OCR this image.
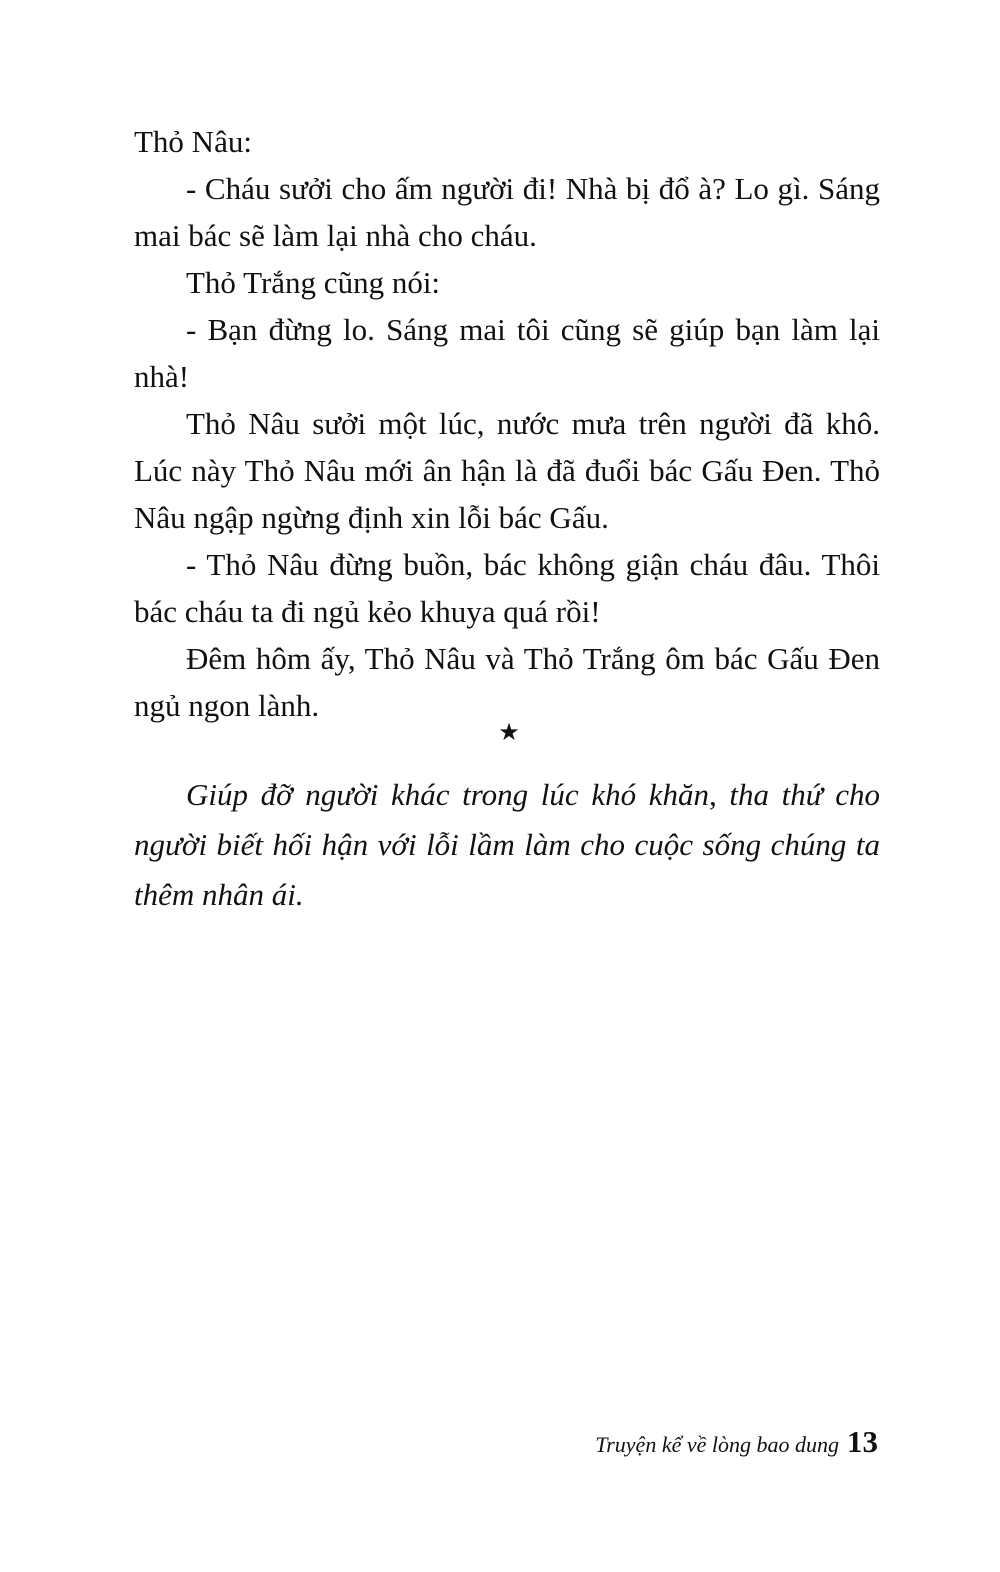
Thỏ Nâu:

- Cháu sưởi cho ấm người đi! Nhà bị đổ à? Lo gì. Sáng mai bác sẽ làm lại nhà cho cháu.

Thỏ Trắng cũng nói:

- Bạn đừng lo. Sáng mai tôi cũng sẽ giúp bạn làm lại nhà!

Thỏ Nâu sưởi một lúc, nước mưa trên người đã khô. Lúc này Thỏ Nâu mới ân hận là đã đuổi bác Gấu Đen. Thỏ Nâu ngập ngừng định xin lỗi bác Gấu.

- Thỏ Nâu đừng buồn, bác không giận cháu đâu. Thôi bác cháu ta đi ngủ kẻo khuya quá rồi!

Đêm hôm ấy, Thỏ Nâu và Thỏ Trắng ôm bác Gấu Đen ngủ ngon lành.

★

Giúp đỡ người khác trong lúc khó khăn, tha thứ cho người biết hối hận với lỗi lầm làm cho cuộc sống chúng ta thêm nhân ái.

Truyện kể về lòng bao dung 13
